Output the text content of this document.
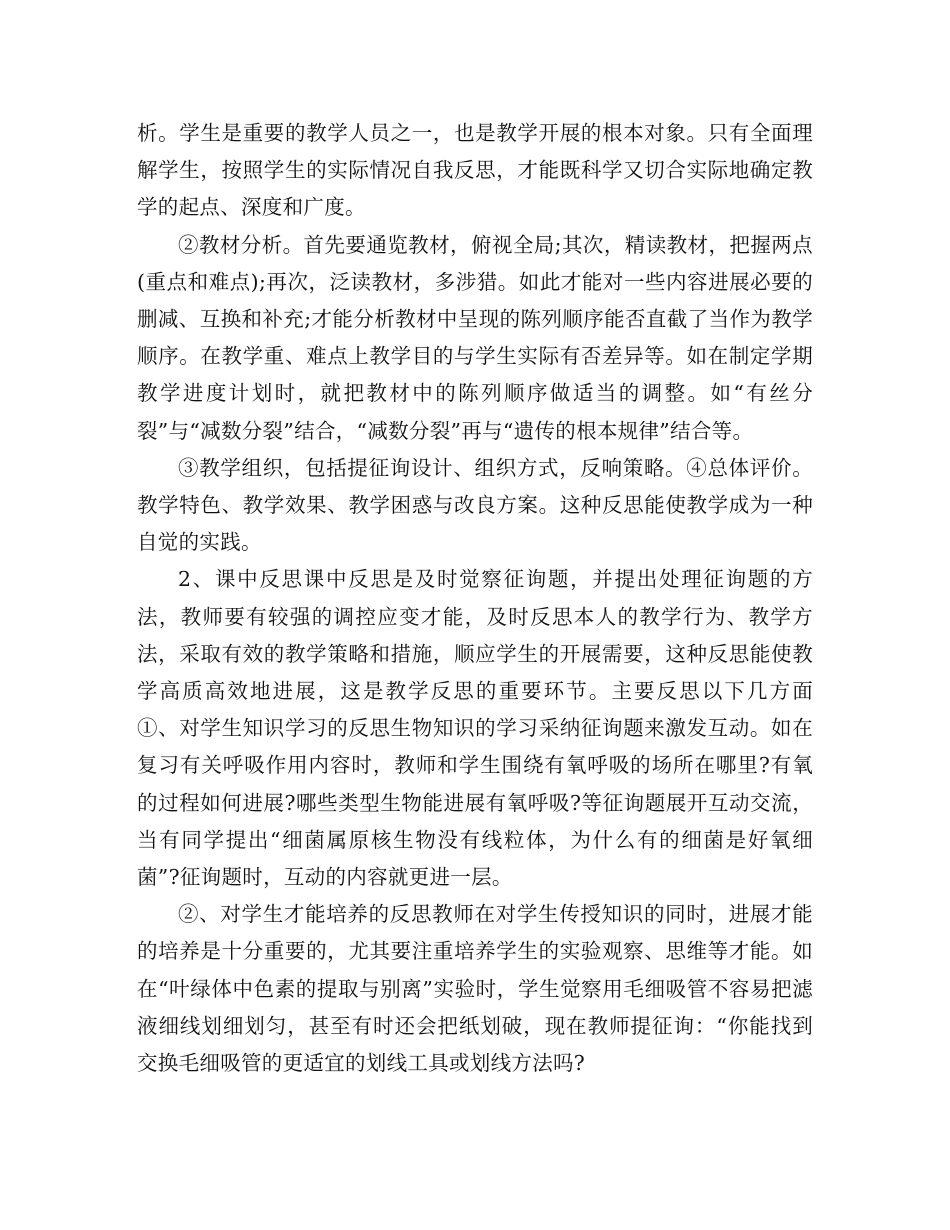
析。学生是重要的教学人员之一，也是教学开展的根本对象。只有全面理解学生，按照学生的实际情况自我反思，才能既科学又切合实际地确定教学的起点、深度和广度。

②教材分析。首先要通览教材，俯视全局;其次，精读教材，把握两点(重点和难点);再次，泛读教材，多涉猎。如此才能对一些内容进展必要的删减、互换和补充;才能分析教材中呈现的陈列顺序能否直截了当作为教学顺序。在教学重、难点上教学目的与学生实际有否差异等。如在制定学期教学进度计划时，就把教材中的陈列顺序做适当的调整。如“有丝分裂”与“减数分裂”结合，“减数分裂”再与“遗传的根本规律”结合等。

③教学组织，包括提征询设计、组织方式，反响策略。④总体评价。教学特色、教学效果、教学困惑与改良方案。这种反思能使教学成为一种自觉的实践。

2、课中反思课中反思是及时觉察征询题，并提出处理征询题的方法，教师要有较强的调控应变才能，及时反思本人的教学行为、教学方法，采取有效的教学策略和措施，顺应学生的开展需要，这种反思能使教学高质高效地进展，这是教学反思的重要环节。主要反思以下几方面　　①、对学生知识学习的反思生物知识的学习采纳征询题来激发互动。如在复习有关呼吸作用内容时，教师和学生围绕有氧呼吸的场所在哪里?有氧的过程如何进展?哪些类型生物能进展有氧呼吸?等征询题展开互动交流，当有同学提出“细菌属原核生物没有线粒体，为什么有的细菌是好氧细菌”?征询题时，互动的内容就更进一层。

②、对学生才能培养的反思教师在对学生传授知识的同时，进展才能的培养是十分重要的，尤其要注重培养学生的实验观察、思维等才能。如在“叶绿体中色素的提取与别离”实验时，学生觉察用毛细吸管不容易把滤液细线划细划匀，甚至有时还会把纸划破，现在教师提征询：“你能找到交换毛细吸管的更适宜的划线工具或划线方法吗?
